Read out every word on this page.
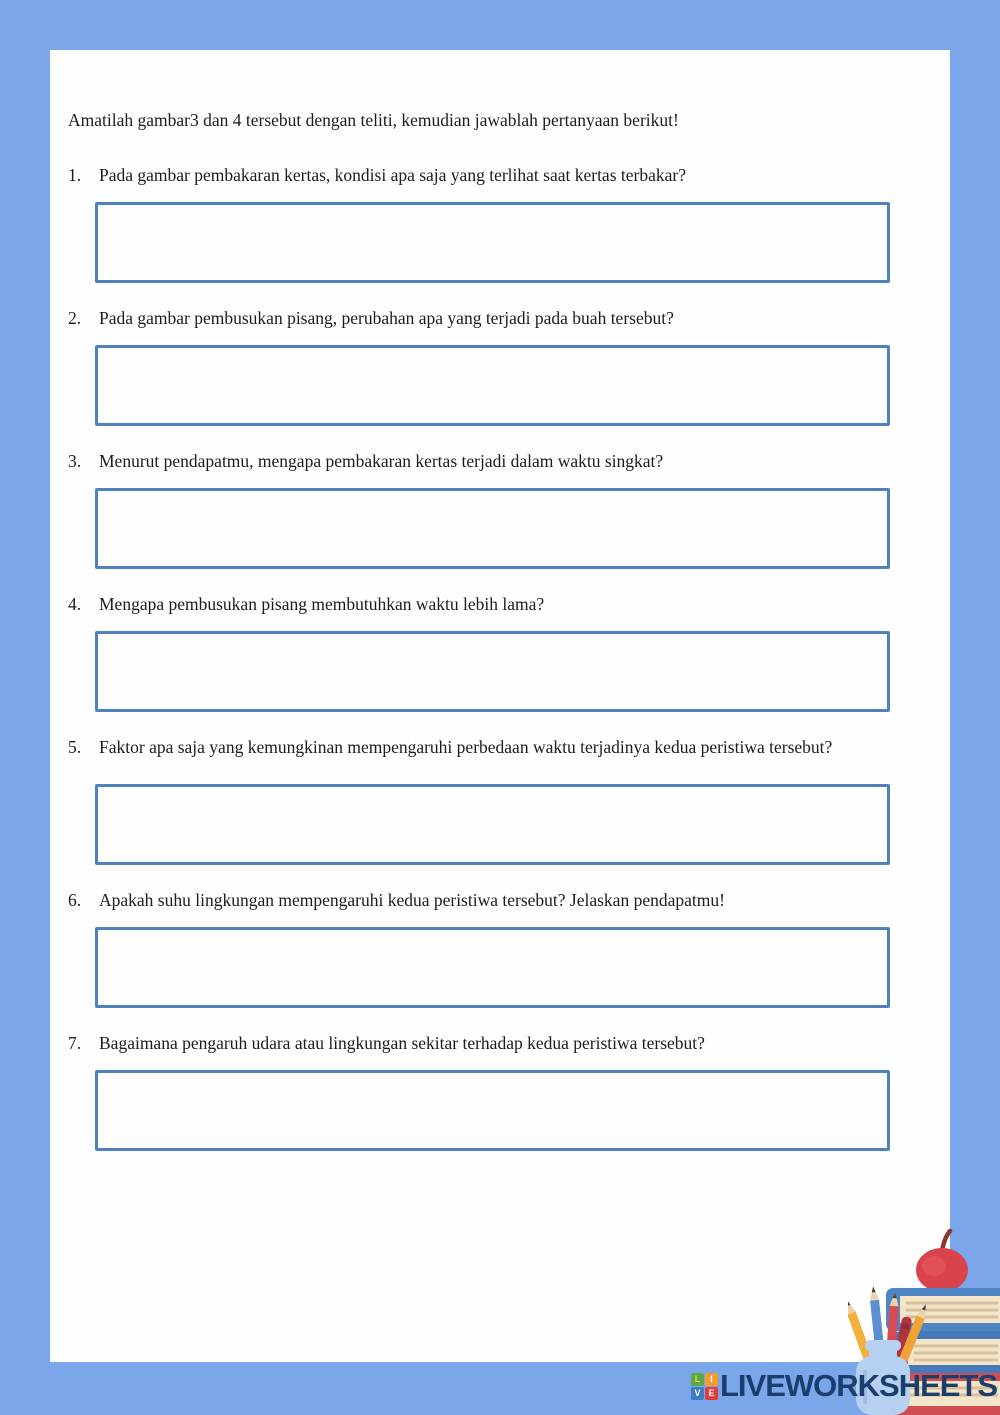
Amatilah gambar3 dan 4 tersebut dengan teliti, kemudian jawablah pertanyaan berikut!
1.	Pada gambar pembakaran kertas, kondisi apa saja yang terlihat saat kertas terbakar?
2.	Pada gambar pembusukan pisang, perubahan apa yang terjadi pada buah tersebut?
3.	Menurut pendapatmu, mengapa pembakaran kertas terjadi dalam waktu singkat?
4.	Mengapa pembusukan pisang membutuhkan waktu lebih lama?
5.	Faktor apa saja yang kemungkinan mempengaruhi perbedaan waktu terjadinya kedua peristiwa tersebut?
6.	Apakah suhu lingkungan mempengaruhi kedua peristiwa tersebut? Jelaskan pendapatmu!
7.	Bagaimana pengaruh udara atau lingkungan sekitar terhadap kedua peristiwa tersebut?
L	I
V E LIVEWORKSHEETS
